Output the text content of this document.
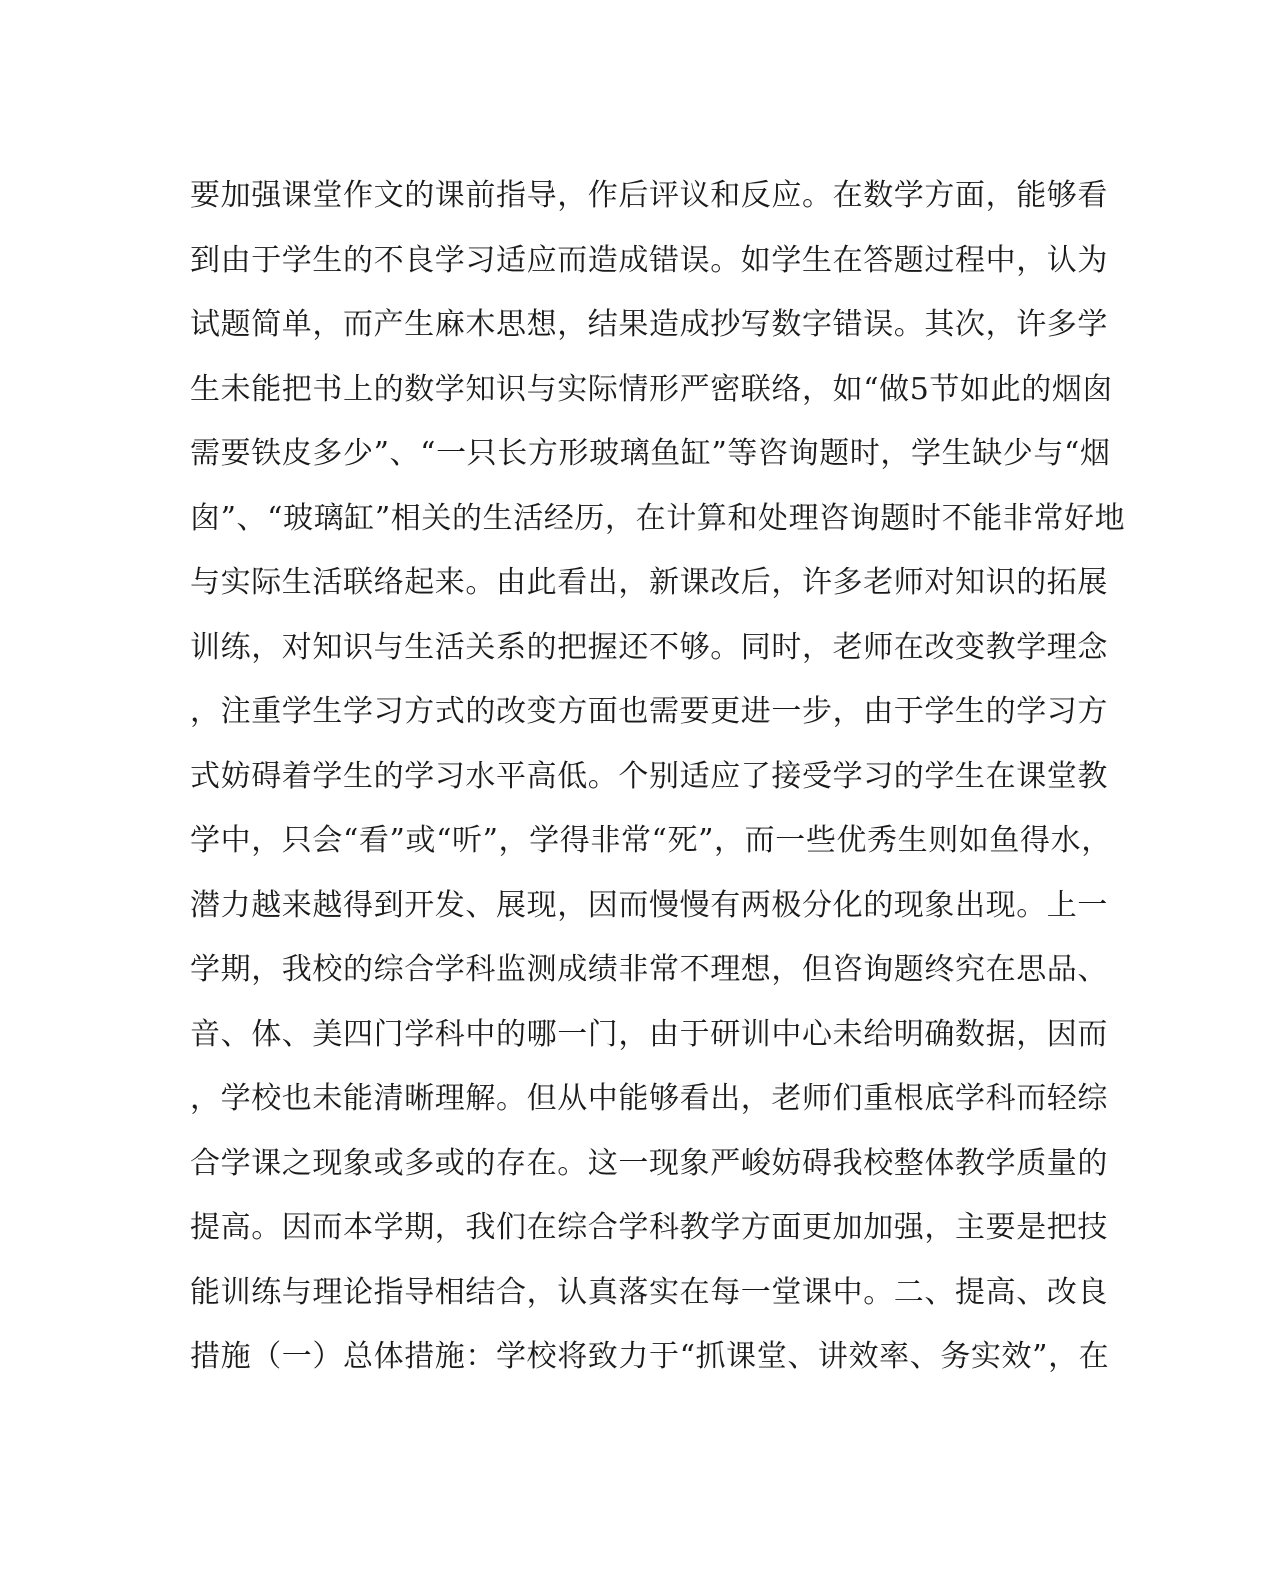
要加强课堂作文的课前指导，作后评议和反应。在数学方面，能够看
到由于学生的不良学习适应而造成错误。如学生在答题过程中，认为
试题简单，而产生麻木思想，结果造成抄写数字错误。其次，许多学
生未能把书上的数学知识与实际情形严密联络，如“做5节如此的烟囱
需要铁皮多少”、“一只长方形玻璃鱼缸”等咨询题时，学生缺少与“烟
囱”、“玻璃缸”相关的生活经历，在计算和处理咨询题时不能非常好地
与实际生活联络起来。由此看出，新课改后，许多老师对知识的拓展
训练，对知识与生活关系的把握还不够。同时，老师在改变教学理念
，注重学生学习方式的改变方面也需要更进一步，由于学生的学习方
式妨碍着学生的学习水平高低。个别适应了接受学习的学生在课堂教
学中，只会“看”或“听”，学得非常“死”，而一些优秀生则如鱼得水，
潜力越来越得到开发、展现，因而慢慢有两极分化的现象出现。上一
学期，我校的综合学科监测成绩非常不理想，但咨询题终究在思品、
音、体、美四门学科中的哪一门，由于研训中心未给明确数据，因而
，学校也未能清晰理解。但从中能够看出，老师们重根底学科而轻综
合学课之现象或多或的存在。这一现象严峻妨碍我校整体教学质量的
提高。因而本学期，我们在综合学科教学方面更加加强，主要是把技
能训练与理论指导相结合，认真落实在每一堂课中。二、提高、改良
措施（一）总体措施：学校将致力于“抓课堂、讲效率、务实效”，在
